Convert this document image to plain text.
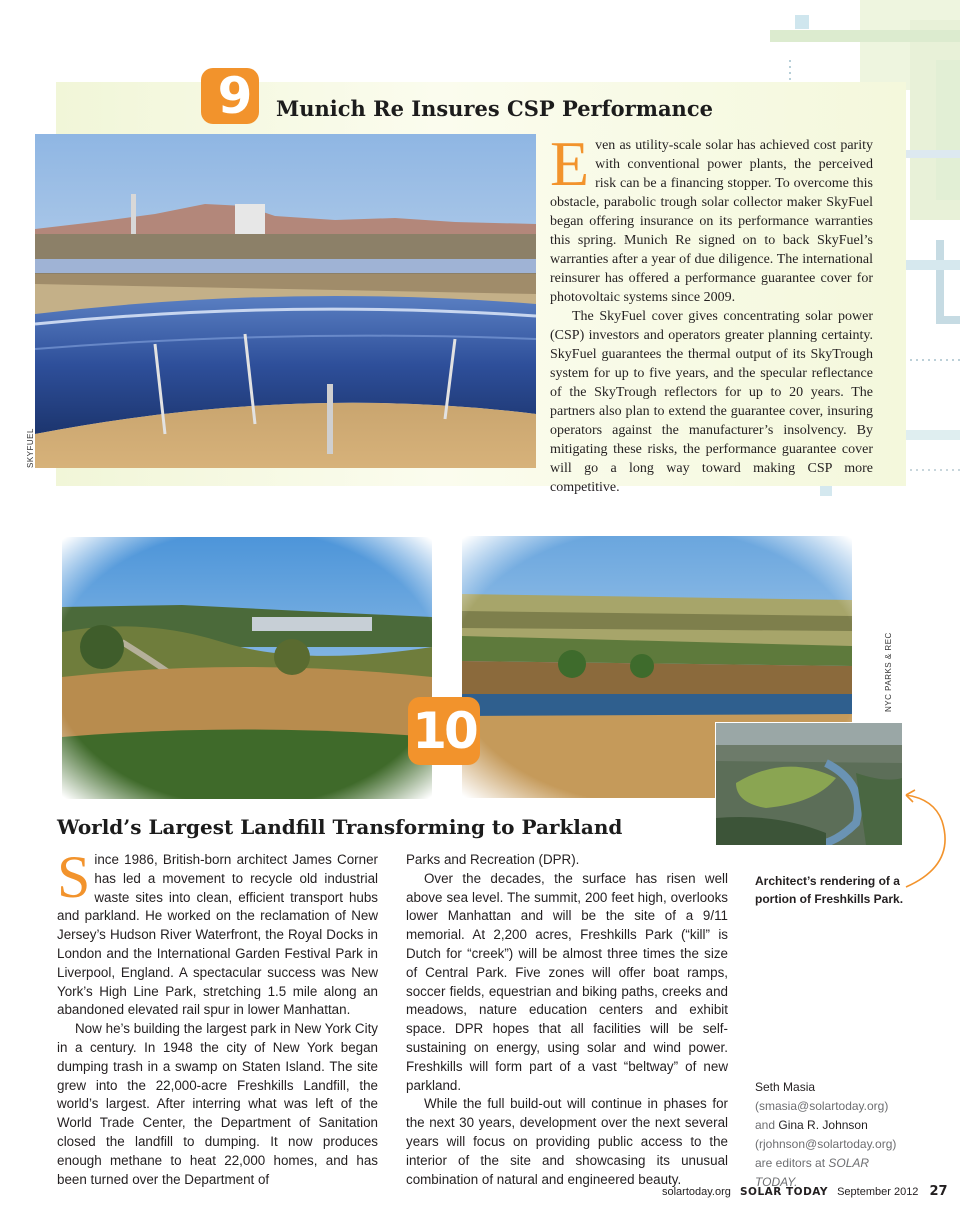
9 Munich Re Insures CSP Performance
SKYFUEL

Even as utility-scale solar has achieved cost parity with conventional power plants, the perceived risk can be a financing stopper. To overcome this obstacle, parabolic trough solar collector maker SkyFuel began offering insurance on its performance warranties this spring. Munich Re signed on to back SkyFuel’s warranties after a year of due diligence. The international reinsurer has offered a performance guarantee cover for photovoltaic systems since 2009.

The SkyFuel cover gives concentrating solar power (CSP) investors and operators greater planning certainty. SkyFuel guarantees the thermal output of its SkyTrough system for up to five years, and the specular reflectance of the SkyTrough reflectors for up to 20 years. The partners also plan to extend the guarantee cover, insuring operators against the manufacturer’s insolvency. By mitigating these risks, the performance guarantee cover will go a long way toward making CSP more competitive.

NYC PARKS & REC
10
World’s Largest Landfill Transforming to Parkland

Since 1986, British-born architect James Corner has led a movement to recycle old industrial waste sites into clean, efficient transport hubs and parkland. He worked on the reclamation of New Jersey’s Hudson River Waterfront, the Royal Docks in London and the International Garden Festival Park in Liverpool, England. A spectacular success was New York’s High Line Park, stretching 1.5 mile along an abandoned elevated rail spur in lower Manhattan.

Now he’s building the largest park in New York City in a century. In 1948 the city of New York began dumping trash in a swamp on Staten Island. The site grew into the 22,000-acre Freshkills Landfill, the world’s largest. After interring what was left of the World Trade Center, the Department of Sanitation closed the landfill to dumping. It now produces enough methane to heat 22,000 homes, and has been turned over the Department of

Parks and Recreation (DPR).

Over the decades, the surface has risen well above sea level. The summit, 200 feet high, overlooks lower Manhattan and will be the site of a 9/11 memorial. At 2,200 acres, Freshkills Park (“kill” is Dutch for “creek”) will be almost three times the size of Central Park. Five zones will offer boat ramps, soccer fields, equestrian and biking paths, creeks and meadows, nature education centers and exhibit space. DPR hopes that all facilities will be self-sustaining on energy, using solar and wind power. Freshkills will form part of a vast “beltway” of new parkland.

While the full build-out will continue in phases for the next 30 years, development over the next several years will focus on providing public access to the interior of the site and showcasing its unusual combination of natural and engineered beauty.

Architect’s rendering of a portion of Freshkills Park.
Seth Masia (smasia@solartoday.org) and Gina R. Johnson (rjohnson@solartoday.org) are editors at SOLAR TODAY.
solartoday.org SOLAR TODAY September 2012 27
